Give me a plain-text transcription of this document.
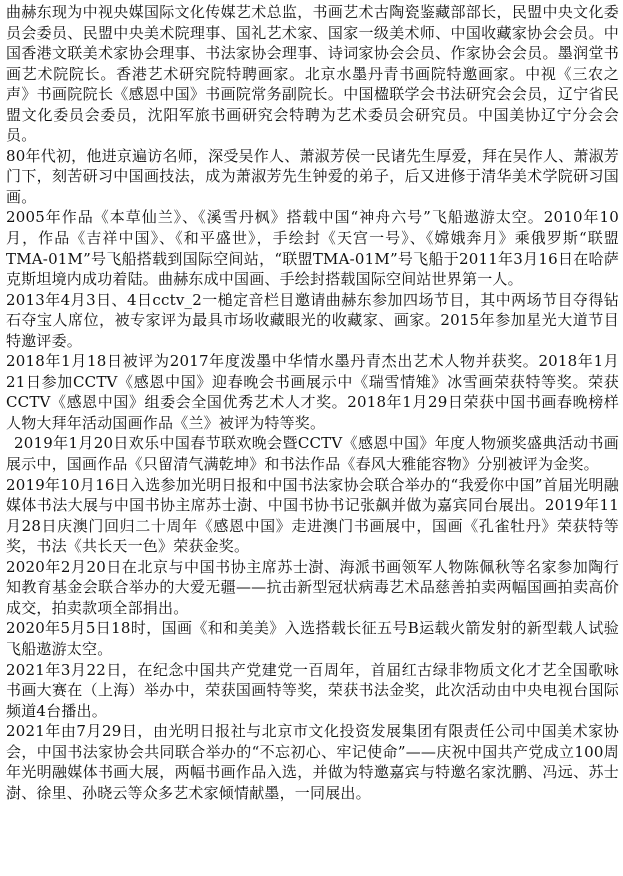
曲赫东现为中视央媒国际文化传媒艺术总监，书画艺术古陶瓷鉴藏部部长，民盟中央文化委员会委员、民盟中央美术院理事、国礼艺术家、国家一级美术师、中国收藏家协会会员。中国香港文联美术家协会理事、书法家协会理事、诗词家协会会员、作家协会会员。墨润堂书画艺术院院长。香港艺术研究院特聘画家。北京水墨丹青书画院特邀画家。中视《三农之声》书画院院长《感恩中国》书画院常务副院长。中国楹联学会书法研究会会员，辽宁省民盟文化委员会委员，沈阳军旅书画研究会特聘为艺术委员会研究员。中国美协辽宁分会会员。

80年代初，他进京遍访名师，深受吴作人、萧淑芳侯一民诸先生厚爱，拜在吴作人、萧淑芳门下，刻苦研习中国画技法，成为萧淑芳先生钟爱的弟子，后又进修于清华美术学院研习国画。

2005年作品《本草仙兰》、《溪雪丹枫》搭载中国“神舟六号”飞船遨游太空。2010年10月，作品《吉祥中国》、《和平盛世》，手绘封《天宫一号》、《嫦娥奔月》乘俄罗斯“联盟TMA-01M”号飞船搭载到国际空间站，“联盟TMA-01M”号飞船于2011年3月16日在哈萨克斯坦境内成功着陆。曲赫东成中国画、手绘封搭载国际空间站世界第一人。

2013年4月3日、4日cctv_2一槌定音栏目邀请曲赫东参加四场节目，其中两场节目夺得钻石夺宝人席位，被专家评为最具市场收藏眼光的收藏家、画家。2015年参加星光大道节目特邀评委。

2018年1月18日被评为2017年度泼墨中华情水墨丹青杰出艺术人物并获奖。2018年1月21日参加CCTV《感恩中国》迎春晚会书画展示中《瑞雪情雉》冰雪画荣获特等奖。荣获CCTV《感恩中国》组委会全国优秀艺术人才奖。2018年1月29日荣获中国书画春晚榜样人物大拜年活动国画作品《兰》被评为特等奖。

2019年1月20日欢乐中国春节联欢晚会暨CCTV《感恩中国》年度人物颁奖盛典活动书画展示中，国画作品《只留清气满乾坤》和书法作品《春风大雅能容物》分别被评为金奖。

2019年10月16日入选参加光明日报和中国书法家协会联合举办的“我爱你中国”首届光明融媒体书法大展与中国书协主席苏士澍、中国书协书记张飙并做为嘉宾同台展出。2019年11月28日庆澳门回归二十周年《感恩中国》走进澳门书画展中，国画《孔雀牡丹》荣获特等奖，书法《共长天一色》荣获金奖。

2020年2月20日在北京与中国书协主席苏士澍、海派书画领军人物陈佩秋等名家参加陶行知教育基金会联合举办的大爱无疆——抗击新型冠状病毒艺术品慈善拍卖两幅国画拍卖高价成交，拍卖款项全部捐出。

2020年5月5日18时，国画《和和美美》入选搭载长征五号B运载火箭发射的新型载人试验飞船遨游太空。

2021年3月22日，在纪念中国共产党建党一百周年，首届红古绿非物质文化才艺全国歌咏书画大赛在（上海）举办中，荣获国画特等奖，荣获书法金奖，此次活动由中央电视台国际频道4台播出。

2021年由7月29日，由光明日报社与北京市文化投资发展集团有限责任公司中国美术家协会，中国书法家协会共同联合举办的“不忘初心、牢记使命”——庆祝中国共产党成立100周年光明融媒体书画大展，两幅书画作品入选，并做为特邀嘉宾与特邀名家沈鹏、冯远、苏士澍、徐里、孙晓云等众多艺术家倾情献墨，一同展出。
